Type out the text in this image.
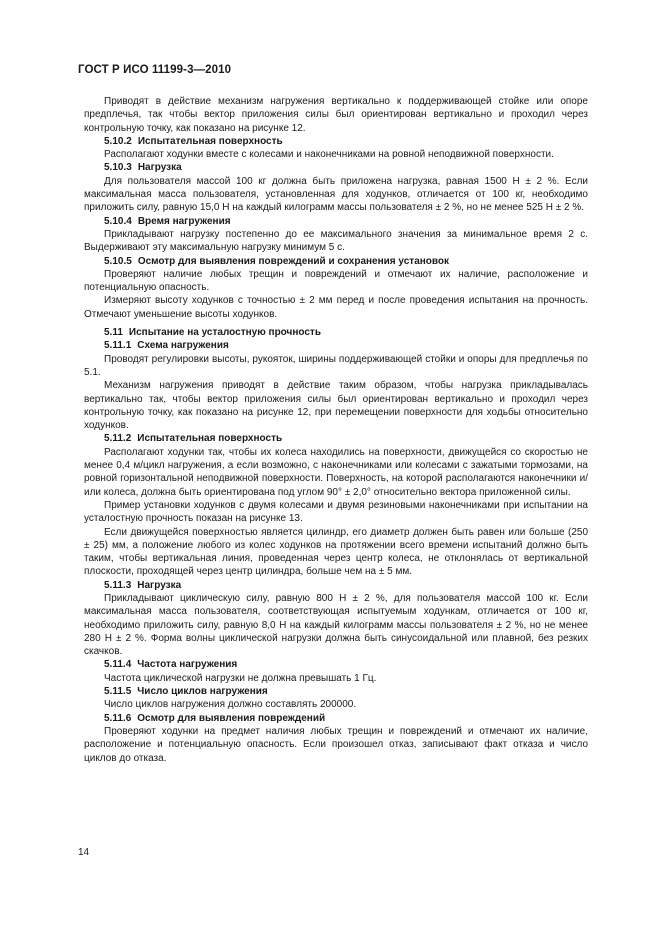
ГОСТ Р ИСО 11199-3—2010
Приводят в действие механизм нагружения вертикально к поддерживающей стойке или опоре предплечья, так чтобы вектор приложения силы был ориентирован вертикально и проходил через контрольную точку, как показано на рисунке 12.
5.10.2 Испытательная поверхность
Располагают ходунки вместе с колесами и наконечниками на ровной неподвижной поверхности.
5.10.3 Нагрузка
Для пользователя массой 100 кг должна быть приложена нагрузка, равная 1500 Н ± 2 %. Если максимальная масса пользователя, установленная для ходунков, отличается от 100 кг, необходимо приложить силу, равную 15,0 Н на каждый килограмм массы пользователя ± 2 %, но не менее 525 Н ± 2 %.
5.10.4 Время нагружения
Прикладывают нагрузку постепенно до ее максимального значения за минимальное время 2 с. Выдерживают эту максимальную нагрузку минимум 5 с.
5.10.5 Осмотр для выявления повреждений и сохранения установок
Проверяют наличие любых трещин и повреждений и отмечают их наличие, расположение и потенциальную опасность.
Измеряют высоту ходунков с точностью ± 2 мм перед и после проведения испытания на прочность. Отмечают уменьшение высоты ходунков.
5.11 Испытание на усталостную прочность
5.11.1 Схема нагружения
Проводят регулировки высоты, рукояток, ширины поддерживающей стойки и опоры для предплечья по 5.1.
Механизм нагружения приводят в действие таким образом, чтобы нагрузка прикладывалась вертикально так, чтобы вектор приложения силы был ориентирован вертикально и проходил через контрольную точку, как показано на рисунке 12, при перемещении поверхности для ходьбы относительно ходунков.
5.11.2 Испытательная поверхность
Располагают ходунки так, чтобы их колеса находились на поверхности, движущейся со скоростью не менее 0,4 м/цикл нагружения, а если возможно, с наконечниками или колесами с зажатыми тормозами, на ровной горизонтальной неподвижной поверхности. Поверхность, на которой располагаются наконечники и/или колеса, должна быть ориентирована под углом 90° ± 2,0° относительно вектора приложенной силы.
Пример установки ходунков с двумя колесами и двумя резиновыми наконечниками при испытании на усталостную прочность показан на рисунке 13.
Если движущейся поверхностью является цилиндр, его диаметр должен быть равен или больше (250 ± 25) мм, а положение любого из колес ходунков на протяжении всего времени испытаний должно быть таким, чтобы вертикальная линия, проведенная через центр колеса, не отклонялась от вертикальной плоскости, проходящей через центр цилиндра, больше чем на ± 5 мм.
5.11.3 Нагрузка
Прикладывают циклическую силу, равную 800 Н ± 2 %, для пользователя массой 100 кг. Если максимальная масса пользователя, соответствующая испытуемым ходункам, отличается от 100 кг, необходимо приложить силу, равную 8,0 Н на каждый килограмм массы пользователя ± 2 %, но не менее 280 Н ± 2 %. Форма волны циклической нагрузки должна быть синусоидальной или плавной, без резких скачков.
5.11.4 Частота нагружения
Частота циклической нагрузки не должна превышать 1 Гц.
5.11.5 Число циклов нагружения
Число циклов нагружения должно составлять 200000.
5.11.6 Осмотр для выявления повреждений
Проверяют ходунки на предмет наличия любых трещин и повреждений и отмечают их наличие, расположение и потенциальную опасность. Если произошел отказ, записывают факт отказа и число циклов до отказа.
14
